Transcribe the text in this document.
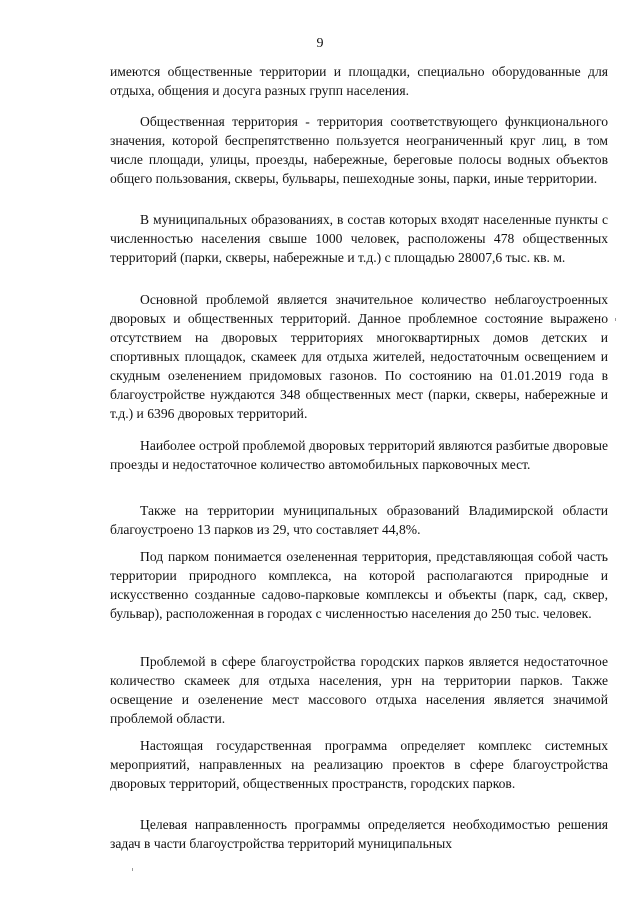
9

имеются общественные территории и площадки, специально оборудованные для отдыха, общения и досуга разных групп населения.

Общественная территория - территория соответствующего функционального значения, которой беспрепятственно пользуется неограниченный круг лиц, в том числе площади, улицы, проезды, набережные, береговые полосы водных объектов общего пользования, скверы, бульвары, пешеходные зоны, парки, иные территории.

В муниципальных образованиях, в состав которых входят населенные пункты с численностью населения свыше 1000 человек, расположены 478 общественных территорий (парки, скверы, набережные и т.д.) с площадью 28007,6 тыс. кв. м.

Основной проблемой является значительное количество неблагоустроенных дворовых и общественных территорий. Данное проблемное состояние выражено отсутствием на дворовых территориях многоквартирных домов детских и спортивных площадок, скамеек для отдыха жителей, недостаточным освещением и скудным озеленением придомовых газонов. По состоянию на 01.01.2019 года в благоустройстве нуждаются 348 общественных мест (парки, скверы, набережные и т.д.) и 6396 дворовых территорий.

Наиболее острой проблемой дворовых территорий являются разбитые дворовые проезды и недостаточное количество автомобильных парковочных мест.

Также на территории муниципальных образований Владимирской области благоустроено 13 парков из 29, что составляет 44,8%.

Под парком понимается озелененная территория, представляющая собой часть территории природного комплекса, на которой располагаются природные и искусственно созданные садово-парковые комплексы и объекты (парк, сад, сквер, бульвар), расположенная в городах с численностью населения до 250 тыс. человек.

Проблемой в сфере благоустройства городских парков является недостаточное количество скамеек для отдыха населения, урн на территории парков. Также освещение и озеленение мест массового отдыха населения является значимой проблемой области.

Настоящая государственная программа определяет комплекс системных мероприятий, направленных на реализацию проектов в сфере благоустройства дворовых территорий, общественных пространств, городских парков.

Целевая направленность программы определяется необходимостью решения задач в части благоустройства территорий муниципальных
